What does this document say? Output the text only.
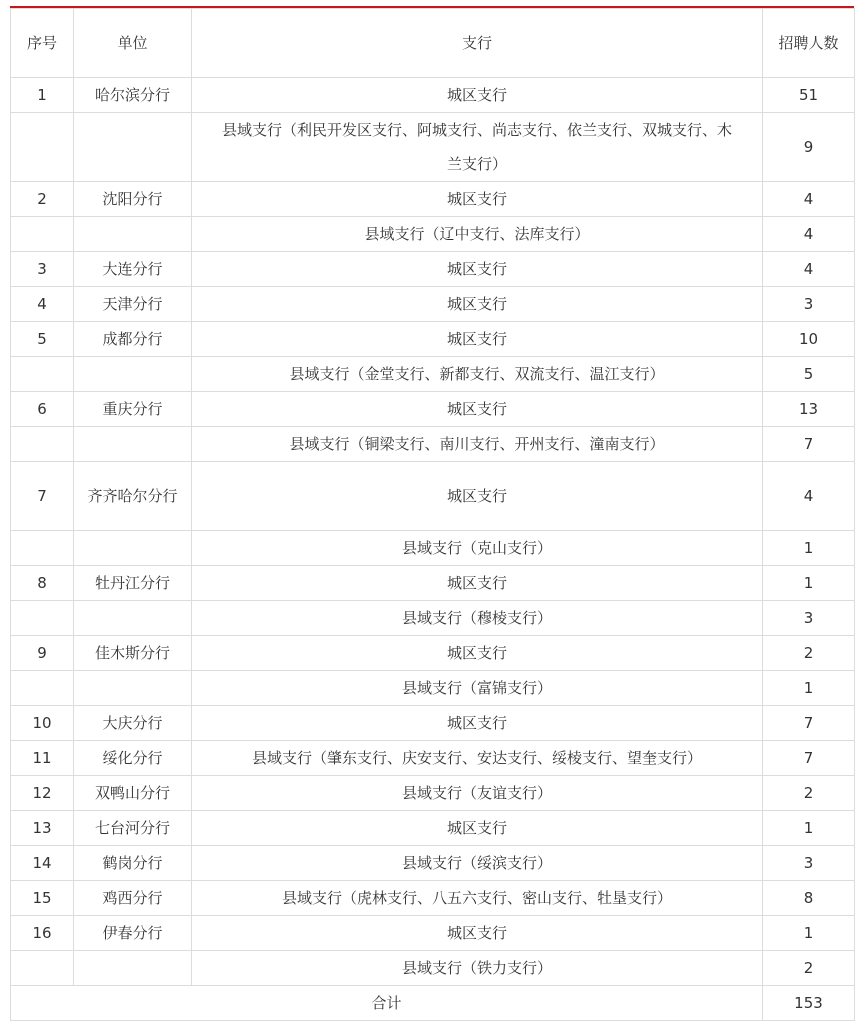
序号	单位	支行	招聘人数
1	哈尔滨分行	城区支行	51
		县域支行（利民开发区支行、阿城支行、尚志支行、依兰支行、双城支行、木兰支行）	9
2	沈阳分行	城区支行	4
		县域支行（辽中支行、法库支行）	4
3	大连分行	城区支行	4
4	天津分行	城区支行	3
5	成都分行	城区支行	10
		县域支行（金堂支行、新都支行、双流支行、温江支行）	5
6	重庆分行	城区支行	13
		县域支行（铜梁支行、南川支行、开州支行、潼南支行）	7
7	齐齐哈尔分行	城区支行	4
		县域支行（克山支行）	1
8	牡丹江分行	城区支行	1
		县域支行（穆棱支行）	3
9	佳木斯分行	城区支行	2
		县域支行（富锦支行）	1
10	大庆分行	城区支行	7
11	绥化分行	县域支行（肇东支行、庆安支行、安达支行、绥棱支行、望奎支行）	7
12	双鸭山分行	县域支行（友谊支行）	2
13	七台河分行	城区支行	1
14	鹤岗分行	县域支行（绥滨支行）	3
15	鸡西分行	县域支行（虎林支行、八五六支行、密山支行、牡垦支行）	8
16	伊春分行	城区支行	1
		县域支行（铁力支行）	2
合计			153
